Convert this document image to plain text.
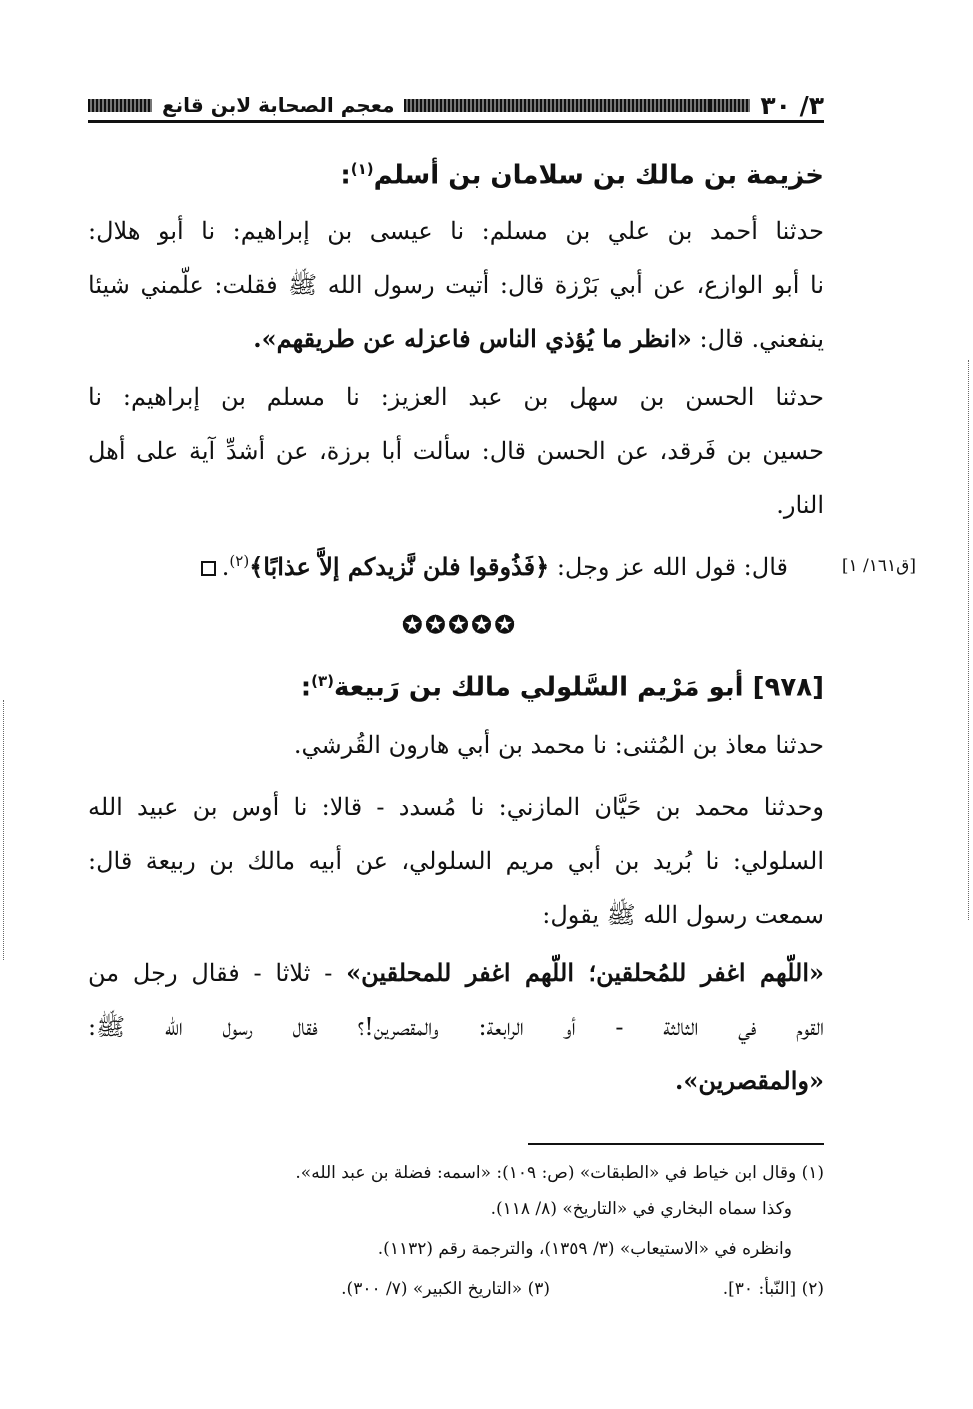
٣/ ٣٠
معجم الصحابة لابن قانع
خزيمة بن مالك بن سلامان بن أسلم$^{(١)}$:
حدثنا أحمد بن علي بن مسلم: نا عيسى بن إبراهيم: نا أبو هلال:
نا أبو الوازع، عن أبي بَرْزة قال: أتيت رسول الله ﷺ فقلت: علّمني شيئا
ينفعني. قال: «انظر ما يُؤذي الناس فاعزله عن طريقهم».
حدثنا الحسن بن سهل بن عبد العزيز: نا مسلم بن إبراهيم: نا
حسين بن فَرقد، عن الحسن قال: سألت أبا برزة، عن أشدِّ آية على أهل
النار.
قال: قول الله عز وجل: ﴿فَذُوقوا فلن نَّزيدكم إلاَّ عذابًا﴾$^{(٢)}$.	[ق١٦١/ ١]
✪✪✪✪✪
[٩٧٨] أبو مَرْيم السَّلولي مالك بن رَبيعة$^{(٣)}$:
حدثنا معاذ بن المُثنى: نا محمد بن أبي هارون القُرشي.
وحدثنا محمد بن حَيَّان المازني: نا مُسدد - قالا: نا أوس بن عبيد الله
السلولي: نا بُريد بن أبي مريم السلولي، عن أبيه مالك بن ربيعة قال:
سمعت رسول الله ﷺ يقول:
«اللّهم اغفر للمُحلقين؛ اللّهم اغفر للمحلقين» - ثلاثا - فقال رجل من
القوم في الثالثة - أو الرابعة: والمقصرين!؟ فقال رسول الله ﷺ:
«والمقصرين».
(١) وقال ابن خياط في «الطبقات» (ص: ١٠٩): «اسمه: فضلة بن عبد الله».
وكذا سماه البخاري في «التاريخ» (٨/ ١١٨).
وانظره في «الاستيعاب» (٣/ ١٣٥٩)، والترجمة رقم (١١٣٢).
(٢) [النّبأ: ٣٠].
(٣) «التاريخ الكبير» (٧/ ٣٠٠).
